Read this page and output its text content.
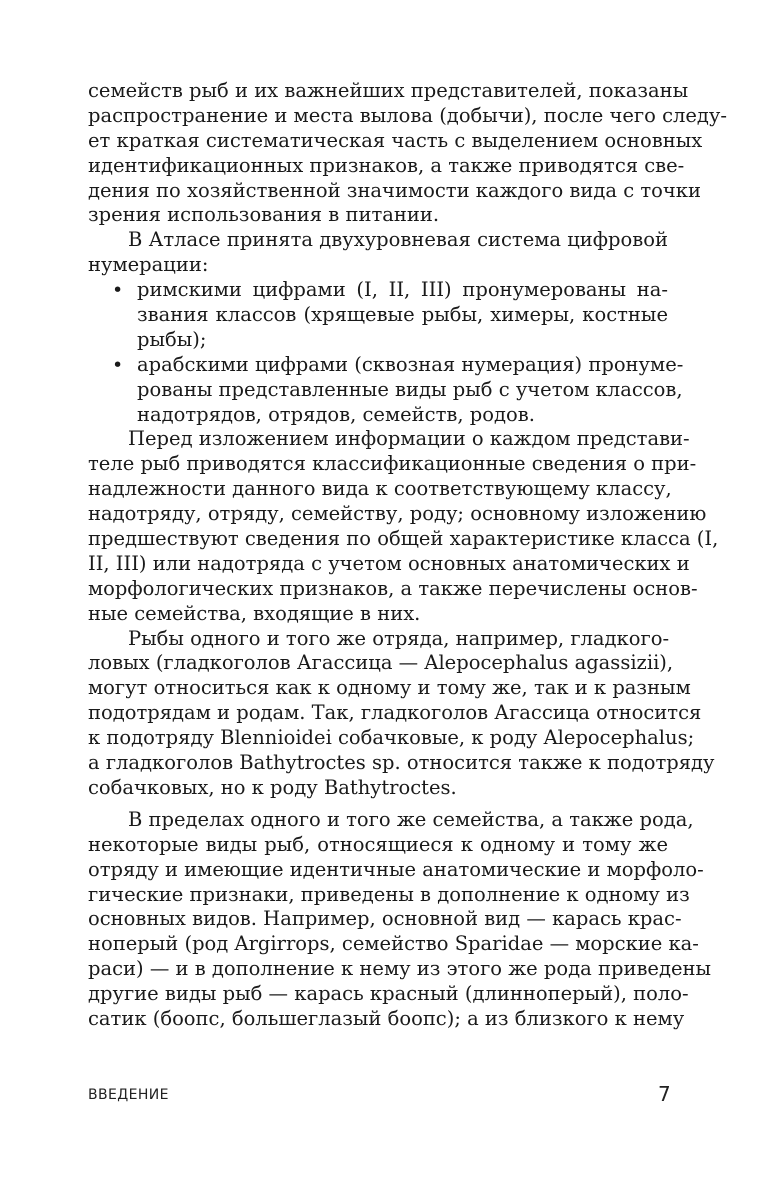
семейств рыб и их важнейших представителей, показаны
распространение и места вылова (добычи), после чего следу-
ет краткая систематическая часть с выделением основных
идентификационных признаков, а также приводятся све-
дения по хозяйственной значимости каждого вида с точки
зрения использования в питании.
В Атласе принята двухуровневая система цифровой
нумерации:
• римскими цифрами (I, II, III) пронумерованы на-
звания классов (хрящевые рыбы, химеры, костные
рыбы);
• арабскими цифрами (сквозная нумерация) пронуме-
рованы представленные виды рыб с учетом классов,
надотрядов, отрядов, семейств, родов.
Перед изложением информации о каждом представи-
теле рыб приводятся классификационные сведения о при-
надлежности данного вида к соответствующему классу,
надотряду, отряду, семейству, роду; основному изложению
предшествуют сведения по общей характеристике класса (I,
II, III) или надотряда с учетом основных анатомических и
морфологических признаков, а также перечислены основ-
ные семейства, входящие в них.
Рыбы одного и того же отряда, например, гладкого-
ловых (гладкоголов Агассица — Alepocephalus agassizii),
могут относиться как к одному и тому же, так и к разным
подотрядам и родам. Так, гладкоголов Агассица относится
к подотряду Blennioidei собачковые, к роду Alepocephalus;
а гладкоголов Bathytroctes sp. относится также к подотряду
собачковых, но к роду Bathytroctes.
В пределах одного и того же семейства, а также рода,
некоторые виды рыб, относящиеся к одному и тому же
отряду и имеющие идентичные анатомические и морфоло-
гические признаки, приведены в дополнение к одному из
основных видов. Например, основной вид — карась крас-
ноперый (род Argirrops, семейство Sparidae — морские ка-
раси) — и в дополнение к нему из этого же рода приведены
другие виды рыб — карась красный (длинноперый), поло-
сатик (боопс, большеглазый боопс); а из близкого к нему
ВВЕДЕНИЕ	7
